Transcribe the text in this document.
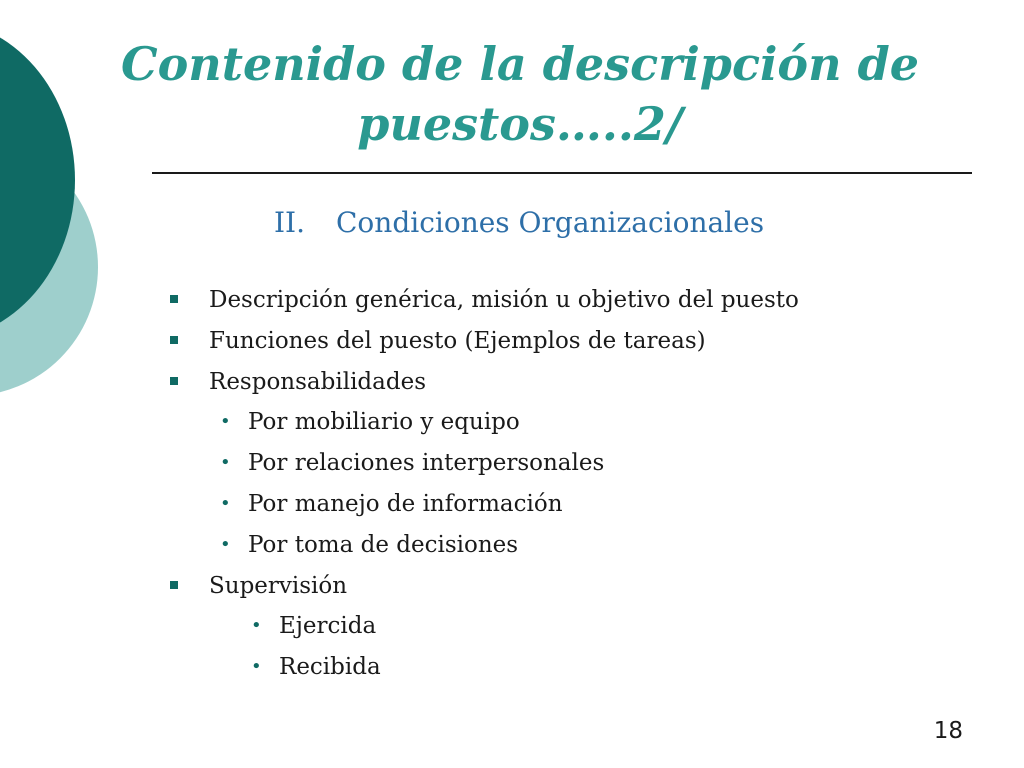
Contenido de la descripción de puestos…..2/
II. Condiciones Organizacionales
Descripción genérica, misión u objetivo del puesto
Funciones del puesto (Ejemplos de tareas)
Responsabilidades
• Por mobiliario y equipo
• Por relaciones interpersonales
• Por manejo de información
• Por toma de decisiones
Supervisión
• Ejercida
• Recibida
18
